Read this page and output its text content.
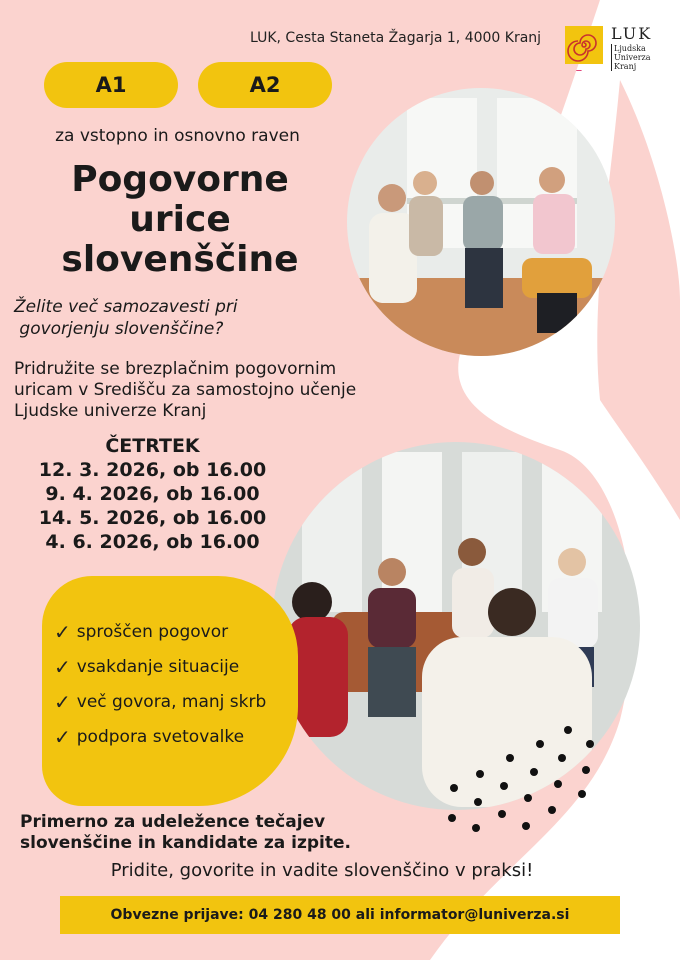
LUK, Cesta Staneta Žagarja 1, 4000 Kranj	LUK
Ljudska
Univerza
Kranj
A1	A2
za vstopno in osnovno raven
Pogovorne
urice
slovenščine
Želite več samozavesti pri
govorjenju slovenščine?
Pridružite se brezplačnim pogovornim
uricam v Središču za samostojno učenje
Ljudske univerze Kranj
ČETRTEK
12. 3. 2026, ob 16.00
9. 4. 2026, ob 16.00
14. 5. 2026, ob 16.00
4. 6. 2026, ob 16.00
✓ sproščen pogovor
✓ vsakdanje situacije
✓ več govora, manj skrb
✓ podpora svetovalke
Primerno za udeležence tečajev
slovenščine in kandidate za izpite.
Pridite, govorite in vadite slovenščino v praksi!
Obvezne prijave: 04 280 48 00 ali informator@luniverza.si
